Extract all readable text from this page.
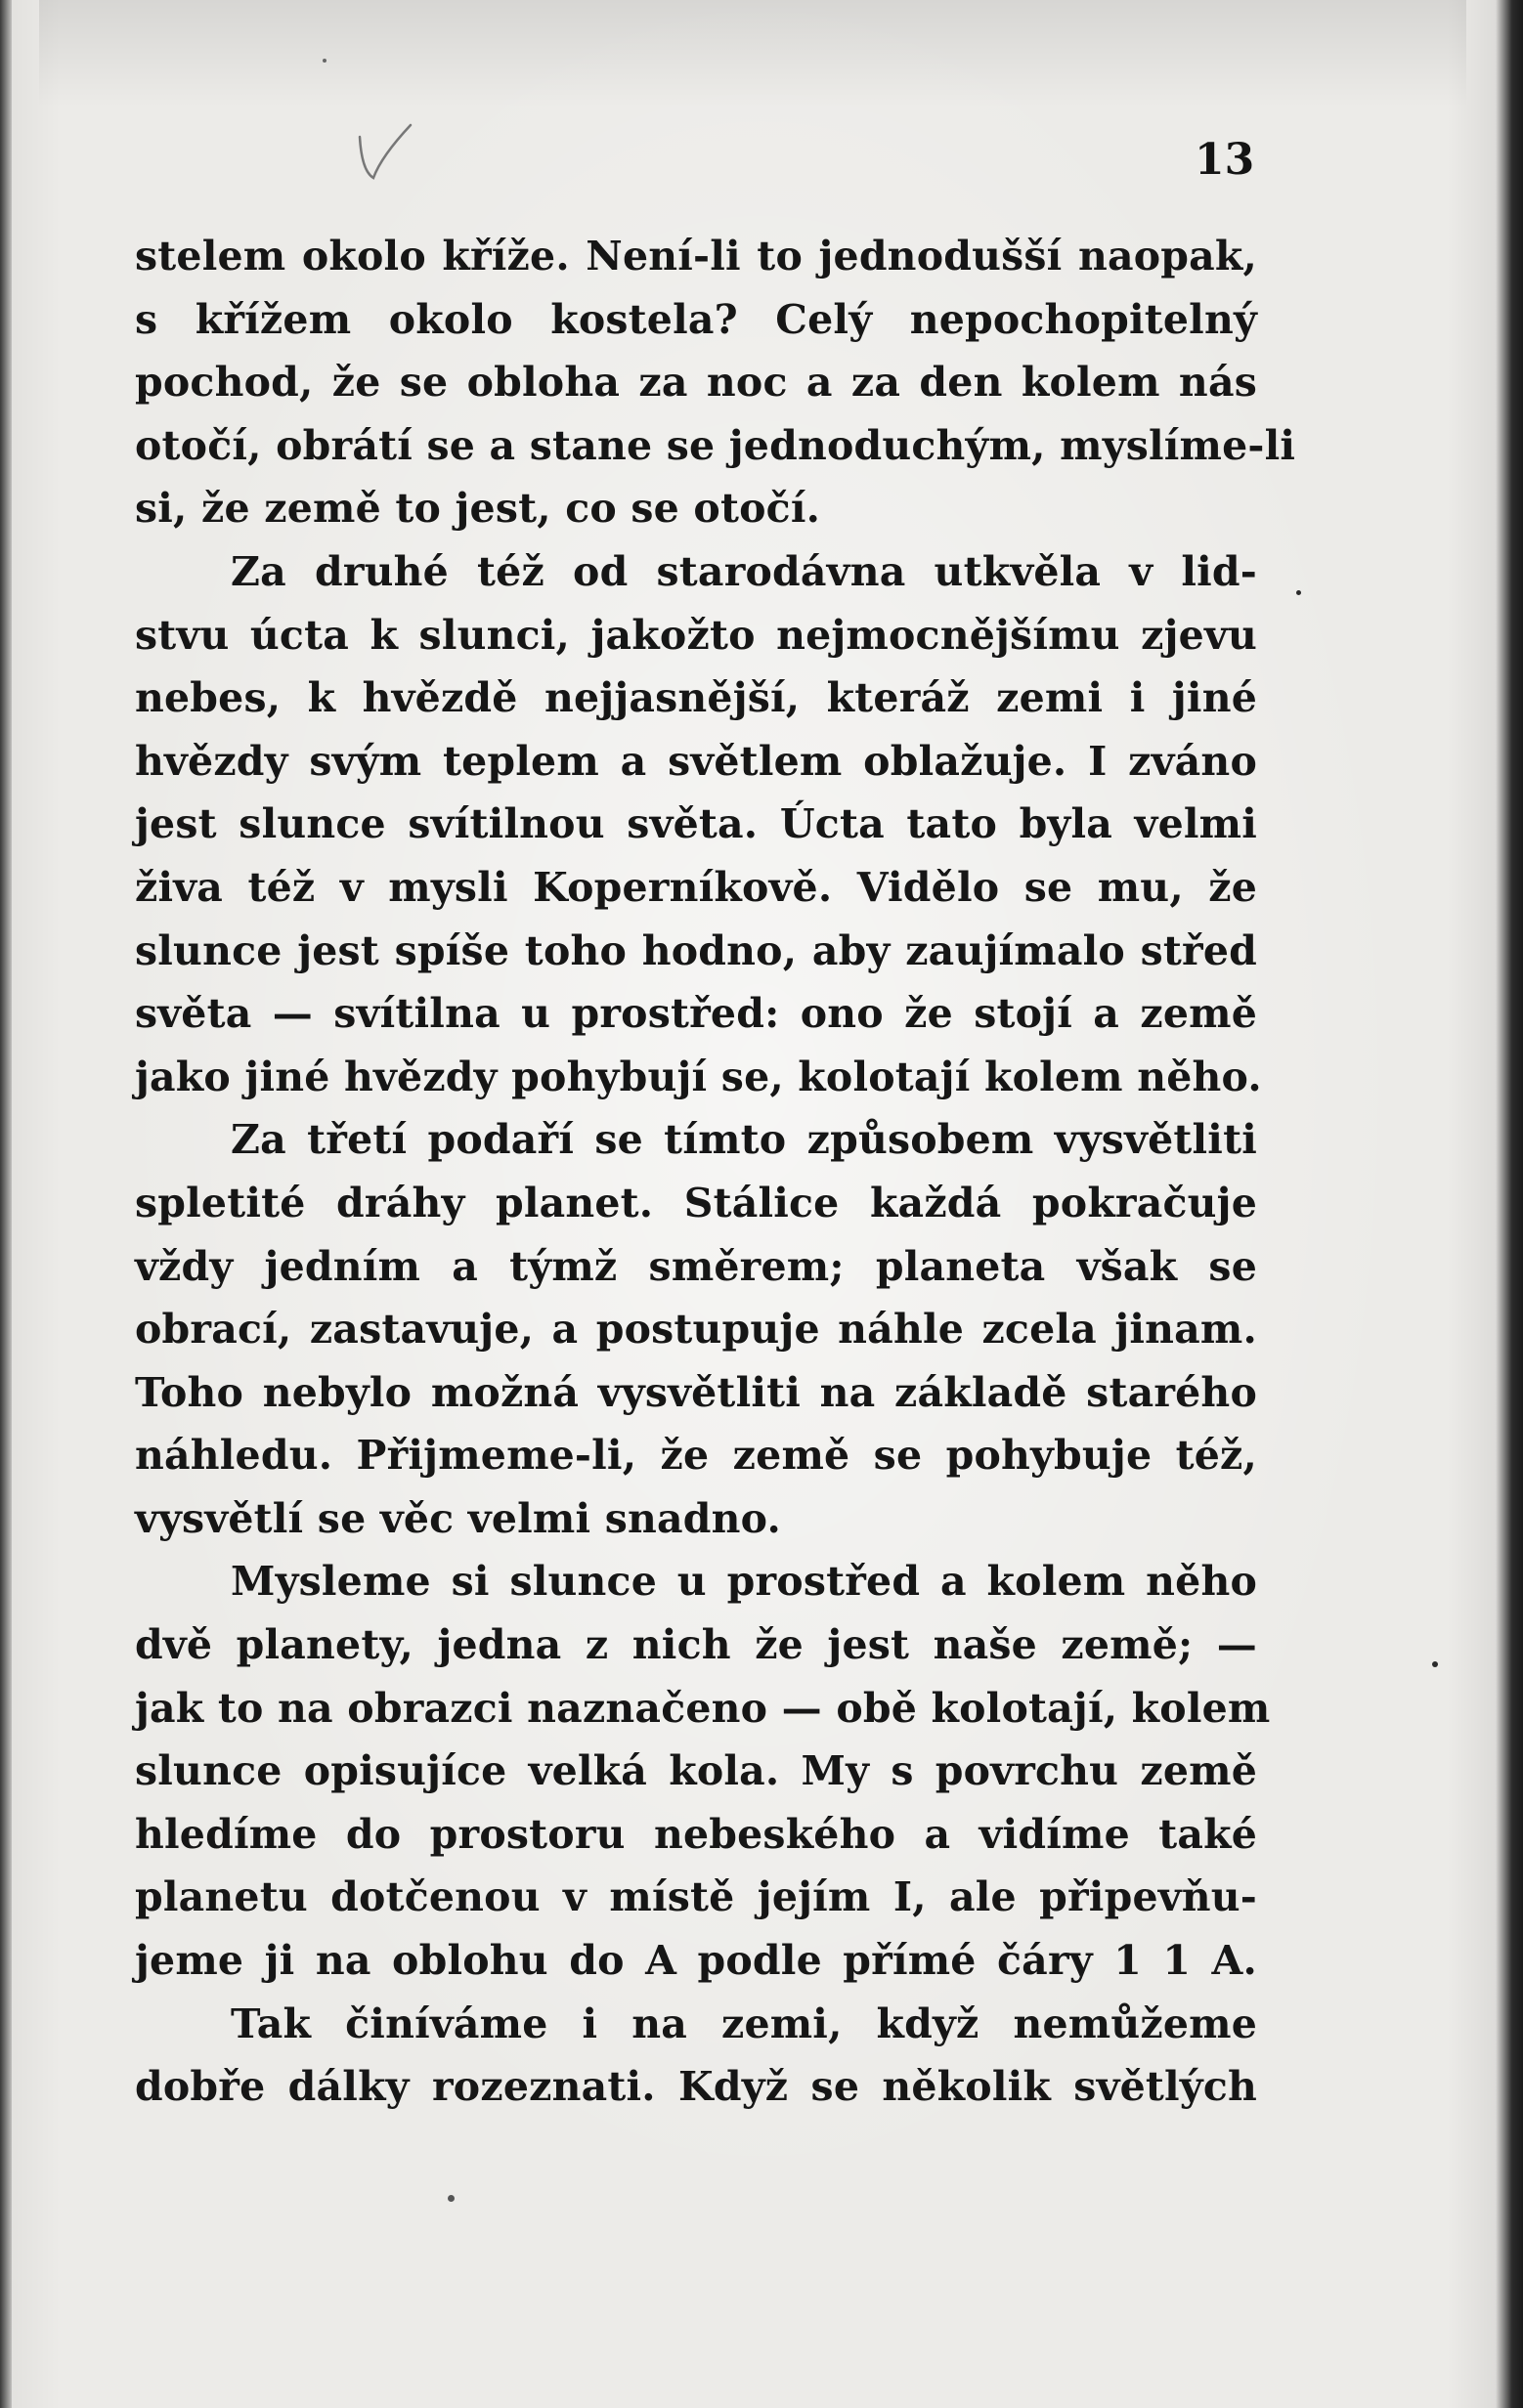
13
stelem okolo kříže. Není-li to jednodušší naopak,
s křížem okolo kostela? Celý nepochopitelný
pochod, že se obloha za noc a za den kolem nás
otočí, obrátí se a stane se jednoduchým, myslíme-li
si, že země to jest, co se otočí.
Za druhé též od starodávna utkvěla v lid-
stvu úcta k slunci, jakožto nejmocnějšímu zjevu
nebes, k hvězdě nejjasnější, kteráž zemi i jiné
hvězdy svým teplem a světlem oblažuje. I zváno
jest slunce svítilnou světa. Úcta tato byla velmi
živa též v mysli Koperníkově. Vidělo se mu, že
slunce jest spíše toho hodno, aby zaujímalo střed
světa — svítilna u prostřed: ono že stojí a země
jako jiné hvězdy pohybují se, kolotají kolem něho.
Za třetí podaří se tímto způsobem vysvětliti
spletité dráhy planet. Stálice každá pokračuje
vždy jedním a týmž směrem; planeta však se
obrací, zastavuje, a postupuje náhle zcela jinam.
Toho nebylo možná vysvětliti na základě starého
náhledu. Přijmeme-li, že země se pohybuje též,
vysvětlí se věc velmi snadno.
Mysleme si slunce u prostřed a kolem něho
dvě planety, jedna z nich že jest naše země; —
jak to na obrazci naznačeno — obě kolotají, kolem
slunce opisujíce velká kola. My s povrchu země
hledíme do prostoru nebeského a vidíme také
planetu dotčenou v místě jejím I, ale připevňu-
jeme ji na oblohu do A podle přímé čáry 1 1 A.
Tak činíváme i na zemi, když nemůžeme
dobře dálky rozeznati. Když se několik světlých
